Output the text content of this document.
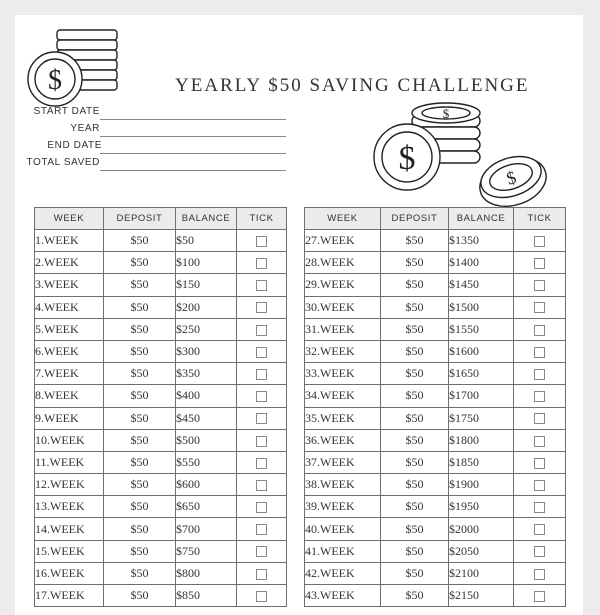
$	YEARLY $50 SAVING CHALLENGE
START DATE
YEAR
END DATE
TOTAL SAVED	$
$
$
WEEK	DEPOSIT	BALANCE	TICK
1.WEEK	$50	$50	
2.WEEK	$50	$100	
3.WEEK	$50	$150	
4.WEEK	$50	$200	
5.WEEK	$50	$250	
6.WEEK	$50	$300	
7.WEEK	$50	$350	
8.WEEK	$50	$400	
9.WEEK	$50	$450	
10.WEEK	$50	$500	
11.WEEK	$50	$550	
12.WEEK	$50	$600	
13.WEEK	$50	$650	
14.WEEK	$50	$700	
15.WEEK	$50	$750	
16.WEEK	$50	$800	
17.WEEK	$50	$850	
WEEK	DEPOSIT	BALANCE	TICK
27.WEEK	$50	$1350	
28.WEEK	$50	$1400	
29.WEEK	$50	$1450	
30.WEEK	$50	$1500	
31.WEEK	$50	$1550	
32.WEEK	$50	$1600	
33.WEEK	$50	$1650	
34.WEEK	$50	$1700	
35.WEEK	$50	$1750	
36.WEEK	$50	$1800	
37.WEEK	$50	$1850	
38.WEEK	$50	$1900	
39.WEEK	$50	$1950	
40.WEEK	$50	$2000	
41.WEEK	$50	$2050	
42.WEEK	$50	$2100	
43.WEEK	$50	$2150	
